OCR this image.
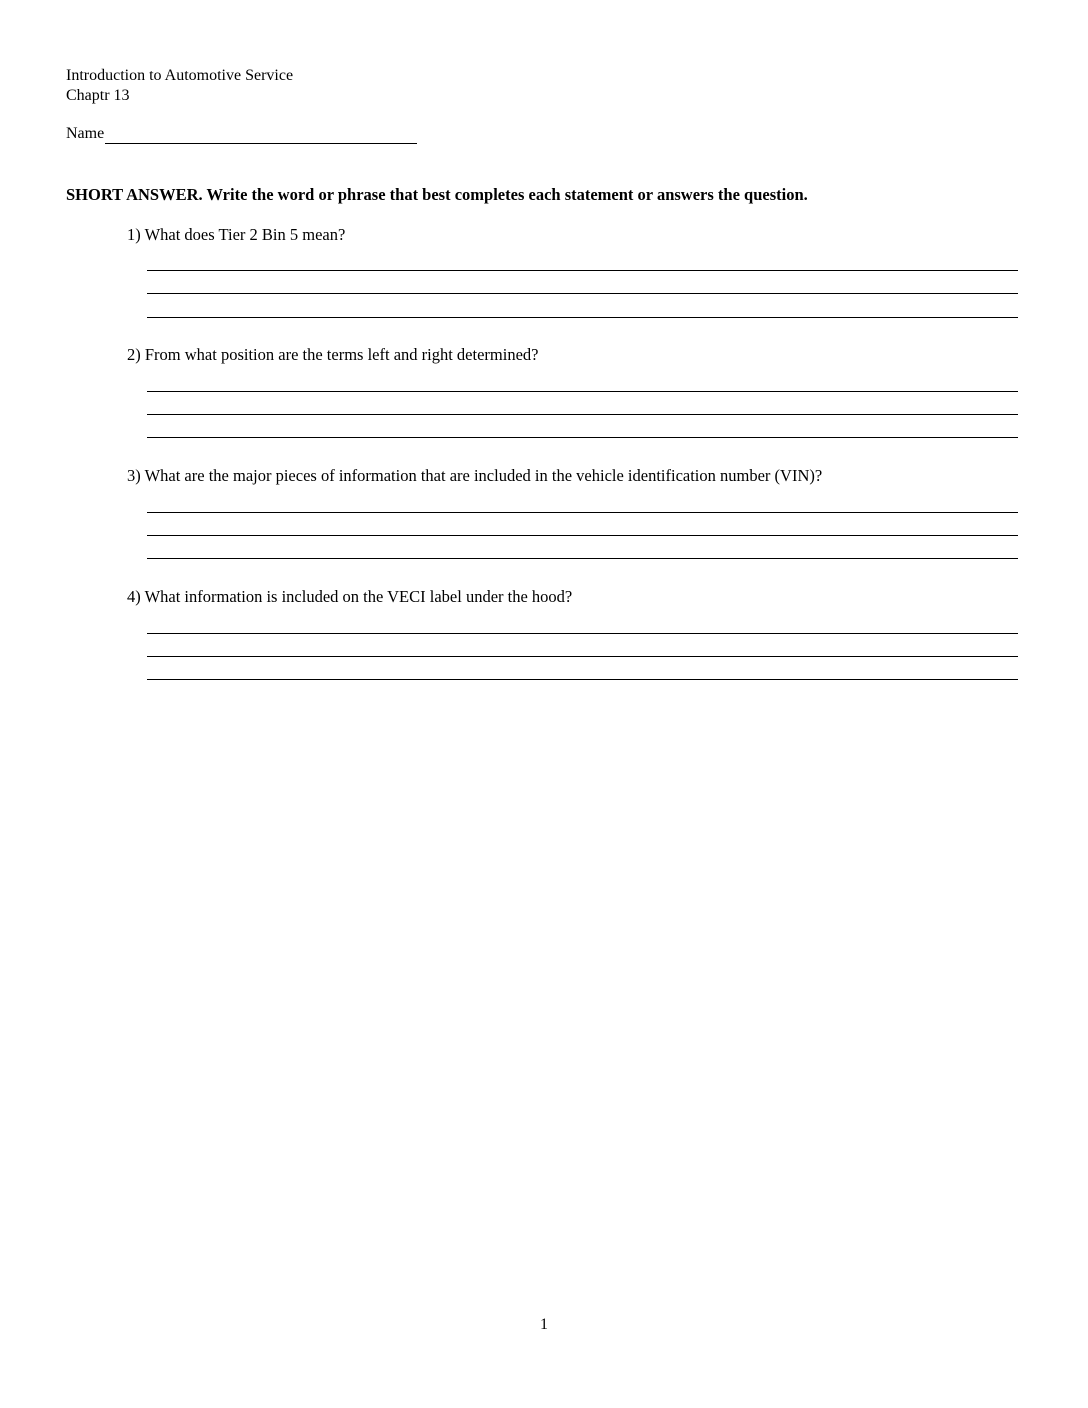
Introduction to Automotive Service
Chaptr 13
Name
SHORT ANSWER. Write the word or phrase that best completes each statement or answers the question.
1) What does Tier 2 Bin 5 mean?
2) From what position are the terms left and right determined?
3) What are the major pieces of information that are included in the vehicle identification number (VIN)?
4) What information is included on the VECI label under the hood?
1
